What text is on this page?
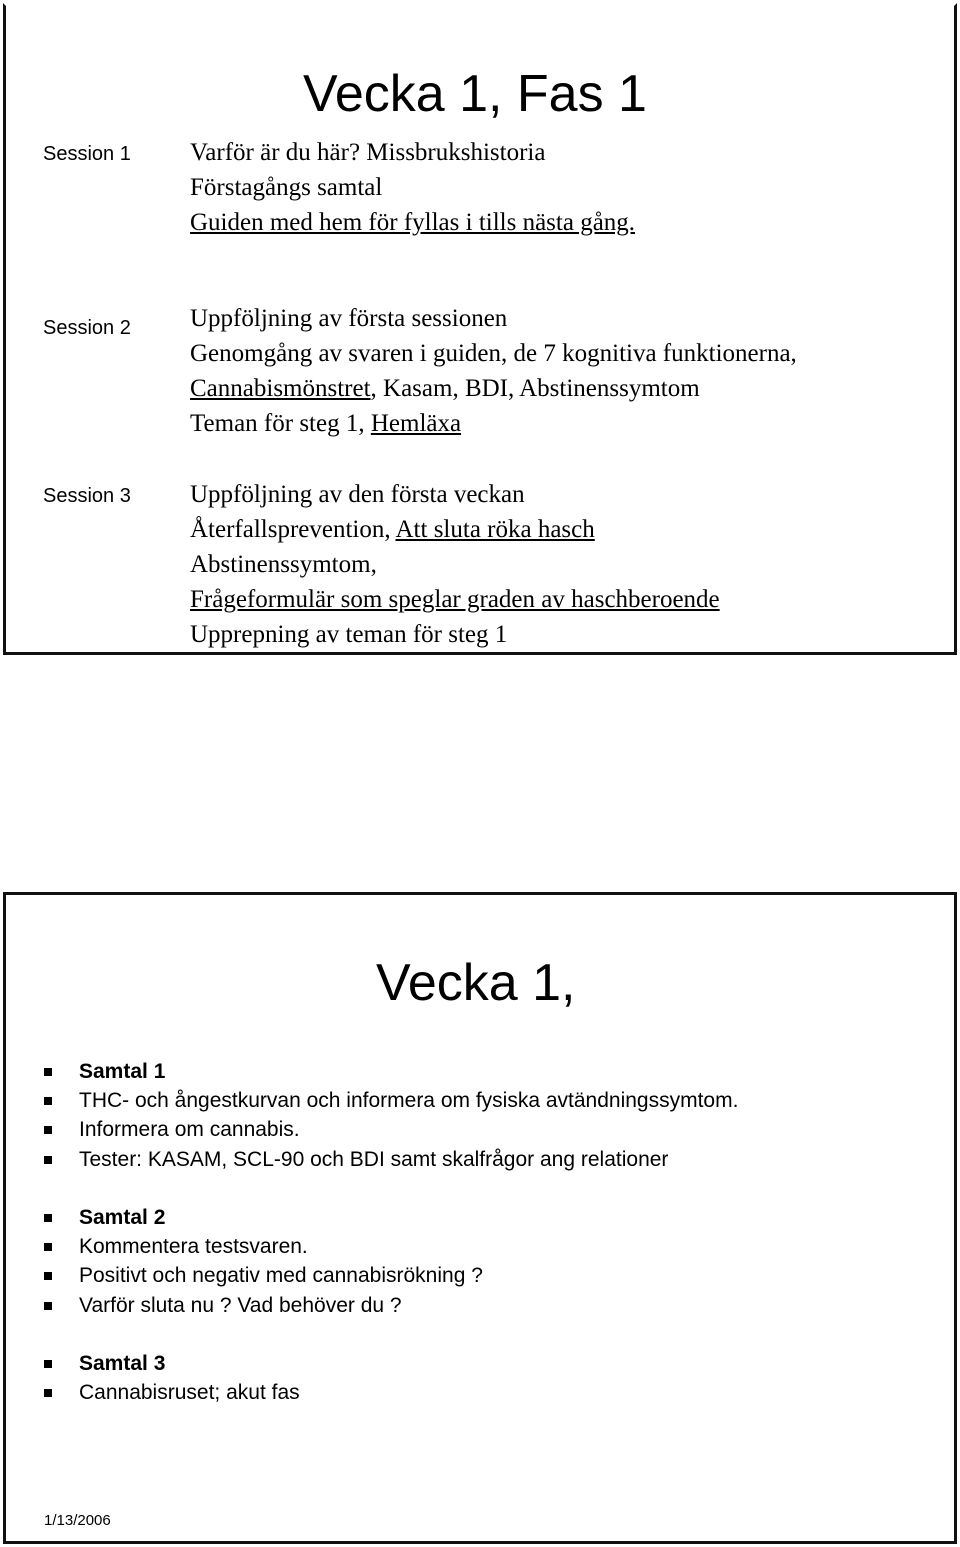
Vecka 1, Fas 1
Session 1 Varför är du här? Missbrukshistoria
Förstagångs samtal
Guiden med hem för fyllas i tills nästa gång.
Session 2 Uppföljning av första sessionen
Genomgång av svaren i guiden, de 7 kognitiva funktionerna,
Cannabismönstret, Kasam, BDI, Abstinenssymtom
Teman för steg 1, Hemläxa
Session 3 Uppföljning av den första veckan
Återfallsprevention, Att sluta röka hasch
Abstinenssymtom,
Frågeformulär som speglar graden av haschberoende
Upprepning av teman för steg 1
Vecka 1,
Samtal 1
THC- och ångestkurvan och informera om fysiska avtändningssymtom.
Informera om cannabis.
Tester: KASAM, SCL-90 och BDI samt skalfrågor ang relationer
Samtal 2
Kommentera testsvaren.
Positivt och negativ med cannabisrökning ?
Varför sluta nu ? Vad behöver du ?
Samtal 3
Cannabisruset; akut fas
1/13/2006
